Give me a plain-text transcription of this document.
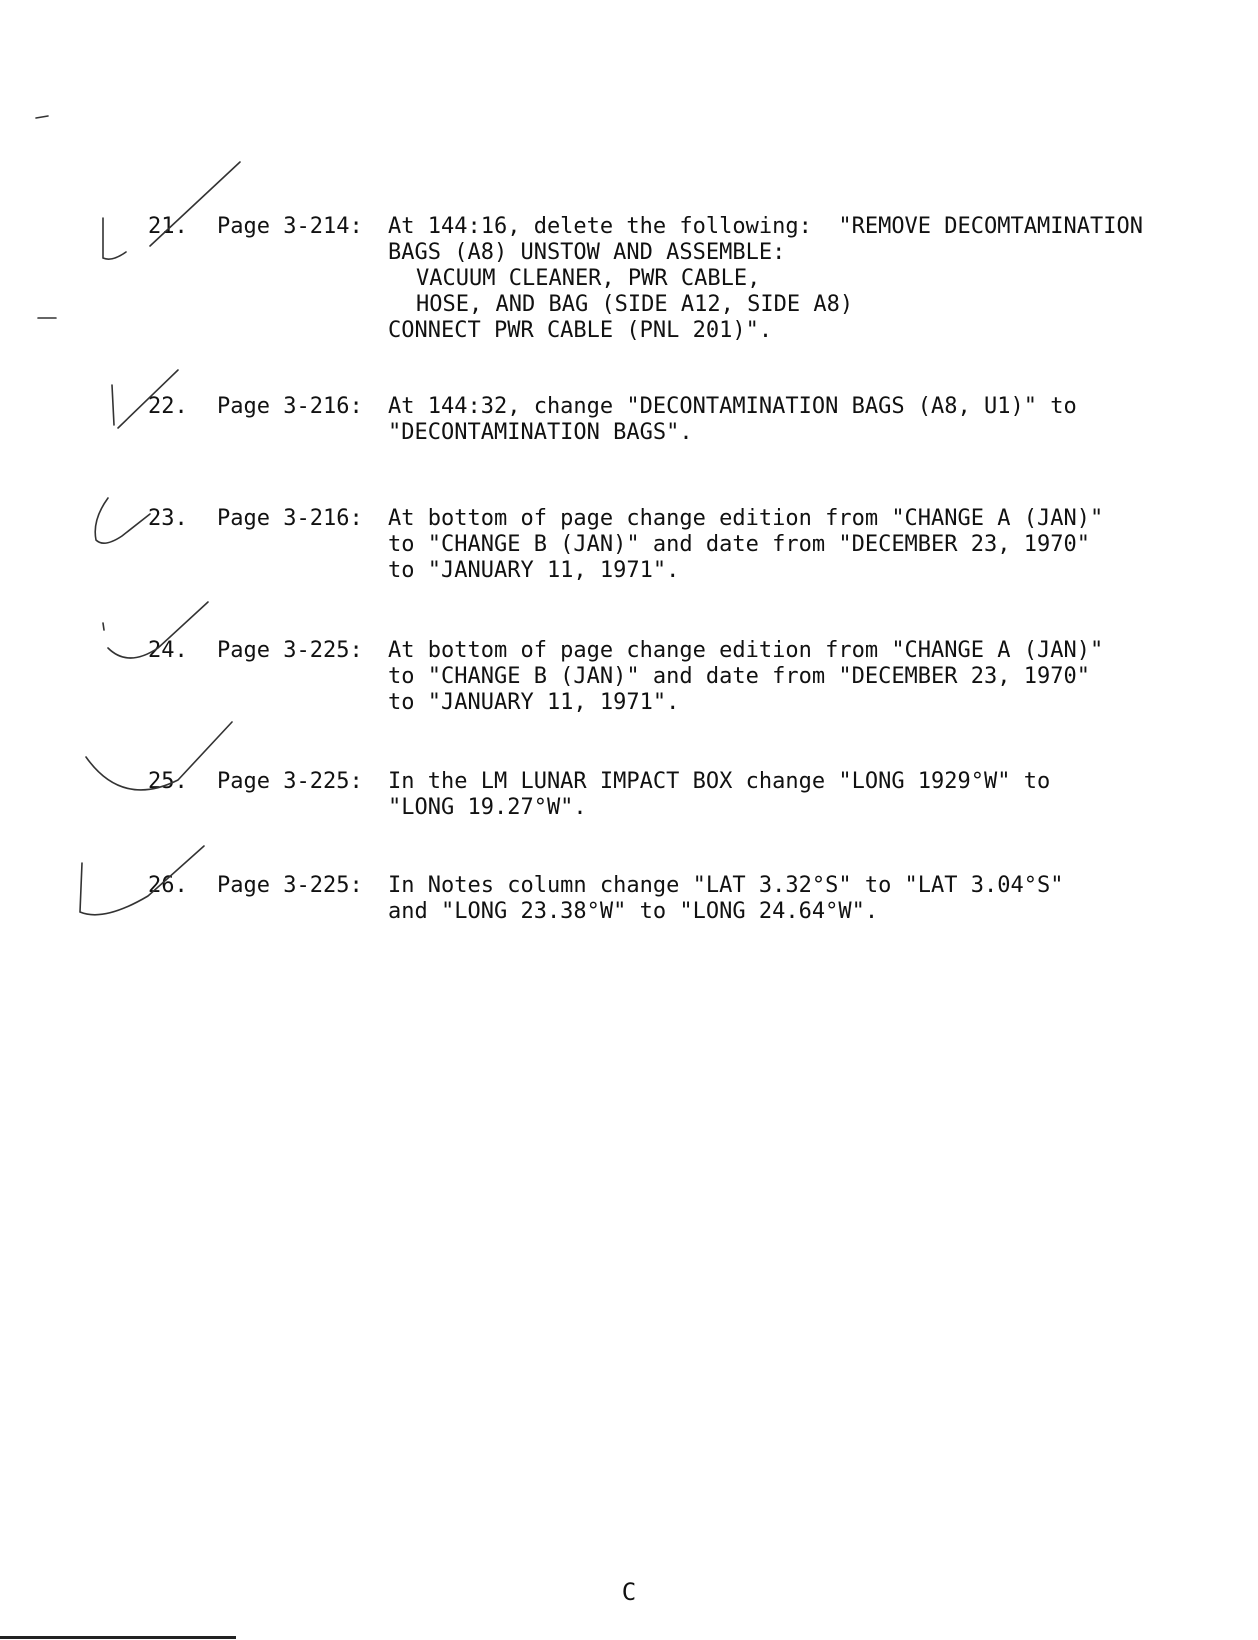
21. Page 3-214:	At 144:16, delete the following:  "REMOVE DECOMTAMINATION
BAGS (A8) UNSTOW AND ASSEMBLE:
VACUUM CLEANER, PWR CABLE,
HOSE, AND BAG (SIDE A12, SIDE A8)
CONNECT PWR CABLE (PNL 201)".
22. Page 3-216:	At 144:32, change "DECONTAMINATION BAGS (A8, U1)" to
"DECONTAMINATION BAGS".
23. Page 3-216:	At bottom of page change edition from "CHANGE A (JAN)"
to "CHANGE B (JAN)" and date from "DECEMBER 23, 1970"
to "JANUARY 11, 1971".
24. Page 3-225:	At bottom of page change edition from "CHANGE A (JAN)"
to "CHANGE B (JAN)" and date from "DECEMBER 23, 1970"
to "JANUARY 11, 1971".
25. Page 3-225:	In the LM LUNAR IMPACT BOX change "LONG 1929°W" to
"LONG 19.27°W".
26. Page 3-225:	In Notes column change "LAT 3.32°S" to "LAT 3.04°S"
and "LONG 23.38°W" to "LONG 24.64°W".
C
